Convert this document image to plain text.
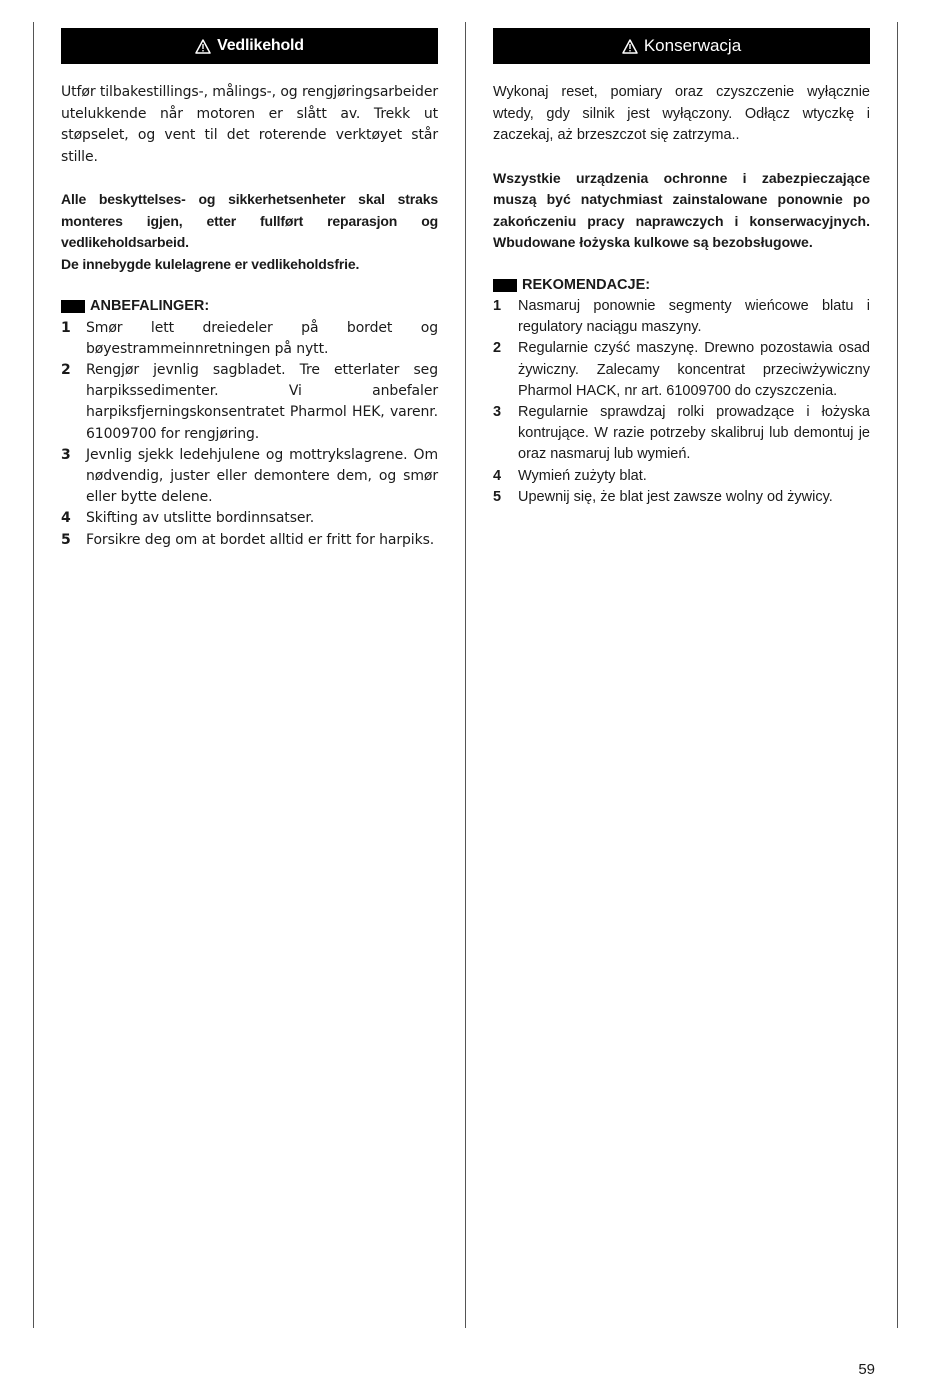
Vedlikehold

Utfør tilbakestillings-, målings-, og rengjøringsarbeider utelukkende når motoren er slått av. Trekk ut støpselet, og vent til det roterende verktøyet står stille.

Alle beskyttelses- og sikkerhetsenheter skal straks monteres igjen, etter fullført reparasjon og vedlikeholdsarbeid.
De innebygde kulelagrene er vedlikeholdsfrie.

ANBEFALINGER:
1	Smør lett dreiedeler på bordet og bøyestrammeinnretningen på nytt.
2	Rengjør jevnlig sagbladet. Tre etterlater seg harpikssedimenter. Vi anbefaler harpiksfjerningskonsentratet Pharmol HEK, varenr. 61009700 for rengjøring.
3	Jevnlig sjekk ledehjulene og mottrykslagrene. Om nødvendig, juster eller demontere dem, og smør eller bytte delene.
4	Skifting av utslitte bordinnsatser.
5	Forsikre deg om at bordet alltid er fritt for harpiks.
Konserwacja

Wykonaj reset, pomiary oraz czyszczenie wyłącznie wtedy, gdy silnik jest wyłączony. Odłącz wtyczkę i zaczekaj, aż brzeszczot się zatrzyma..

Wszystkie urządzenia ochronne i zabezpieczające muszą być natychmiast zainstalowane ponownie po zakończeniu pracy naprawczych i konserwacyjnych. Wbudowane łożyska kulkowe są bezobsługowe.

REKOMENDACJE:
1	Nasmaruj ponownie segmenty wieńcowe blatu i regulatory naciągu maszyny.
2	Regularnie czyść maszynę. Drewno pozostawia osad żywiczny. Zalecamy koncentrat przeciwżywiczny Pharmol HACK, nr art. 61009700 do czyszczenia.
3	Regularnie sprawdzaj rolki prowadzące i łożyska kontrujące. W razie potrzeby skalibruj lub demontuj je oraz nasmaruj lub wymień.
4	Wymień zużyty blat.
5	Upewnij się, że blat jest zawsze wolny od żywicy.
59
